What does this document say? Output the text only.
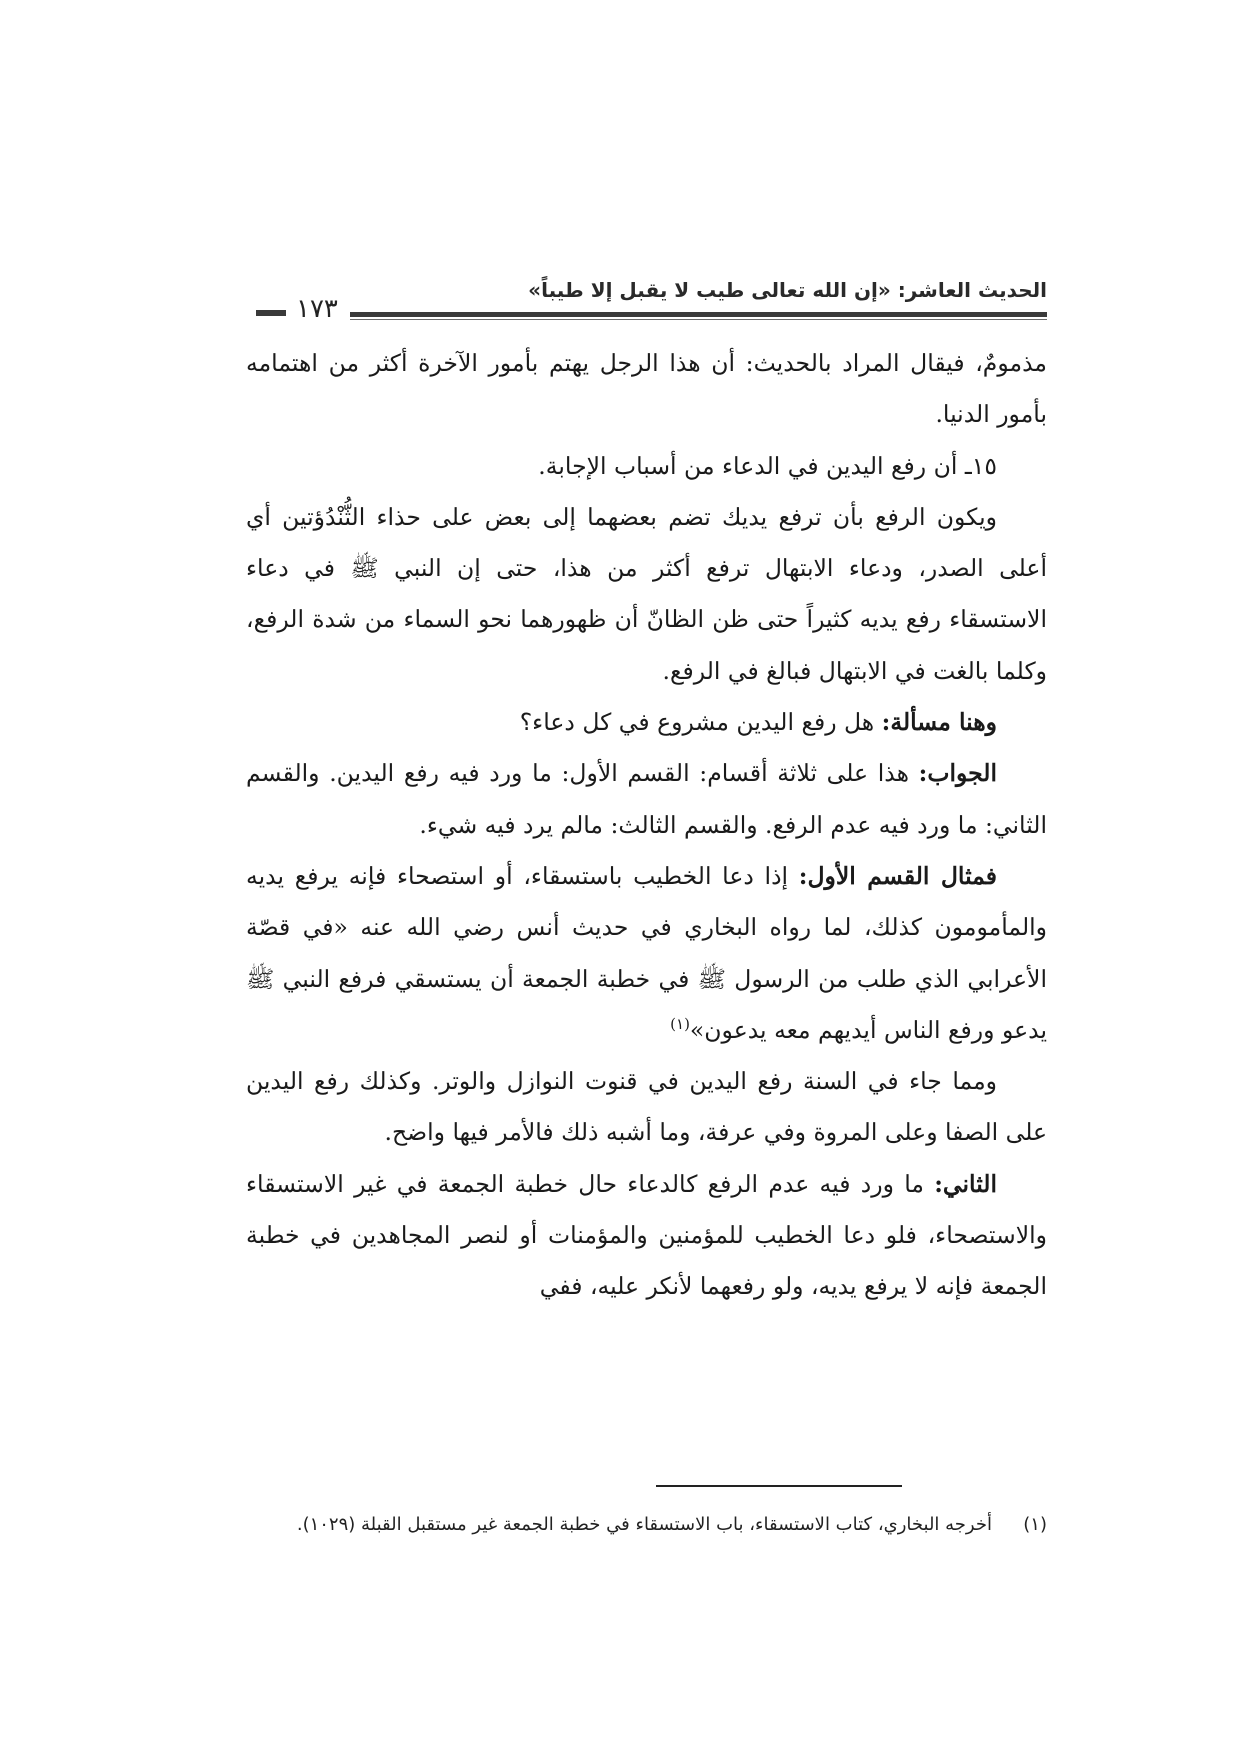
الحديث العاشر: «إن الله تعالى طيب لا يقبل إلا طيباً»
١٧٣

مذمومٌ، فيقال المراد بالحديث: أن هذا الرجل يهتم بأمور الآخرة أكثر من اهتمامه بأمور الدنيا.

١٥ـ أن رفع اليدين في الدعاء من أسباب الإجابة.

ويكون الرفع بأن ترفع يديك تضم بعضهما إلى بعض على حذاء الثُّنْدُؤتين أي أعلى الصدر، ودعاء الابتهال ترفع أكثر من هذا، حتى إن النبي ﷺ في دعاء الاستسقاء رفع يديه كثيراً حتى ظن الظانّ أن ظهورهما نحو السماء من شدة الرفع، وكلما بالغت في الابتهال فبالغ في الرفع.

وهنا مسألة: هل رفع اليدين مشروع في كل دعاء؟

الجواب: هذا على ثلاثة أقسام: القسم الأول: ما ورد فيه رفع اليدين. والقسم الثاني: ما ورد فيه عدم الرفع. والقسم الثالث: مالم يرد فيه شيء.

فمثال القسم الأول: إذا دعا الخطيب باستسقاء، أو استصحاء فإنه يرفع يديه والمأمومون كذلك، لما رواه البخاري في حديث أنس رضي الله عنه «في قصّة الأعرابي الذي طلب من الرسول ﷺ في خطبة الجمعة أن يستسقي فرفع النبي ﷺ يدعو ورفع الناس أيديهم معه يدعون»$^{(١)}$

ومما جاء في السنة رفع اليدين في قنوت النوازل والوتر. وكذلك رفع اليدين على الصفا وعلى المروة وفي عرفة، وما أشبه ذلك فالأمر فيها واضح.

الثاني: ما ورد فيه عدم الرفع كالدعاء حال خطبة الجمعة في غير الاستسقاء والاستصحاء، فلو دعا الخطيب للمؤمنين والمؤمنات أو لنصر المجاهدين في خطبة الجمعة فإنه لا يرفع يديه، ولو رفعهما لأنكر عليه، ففي

(١)
أخرجه البخاري، كتاب الاستسقاء، باب الاستسقاء في خطبة الجمعة غير مستقبل القبلة (١٠٢٩).
